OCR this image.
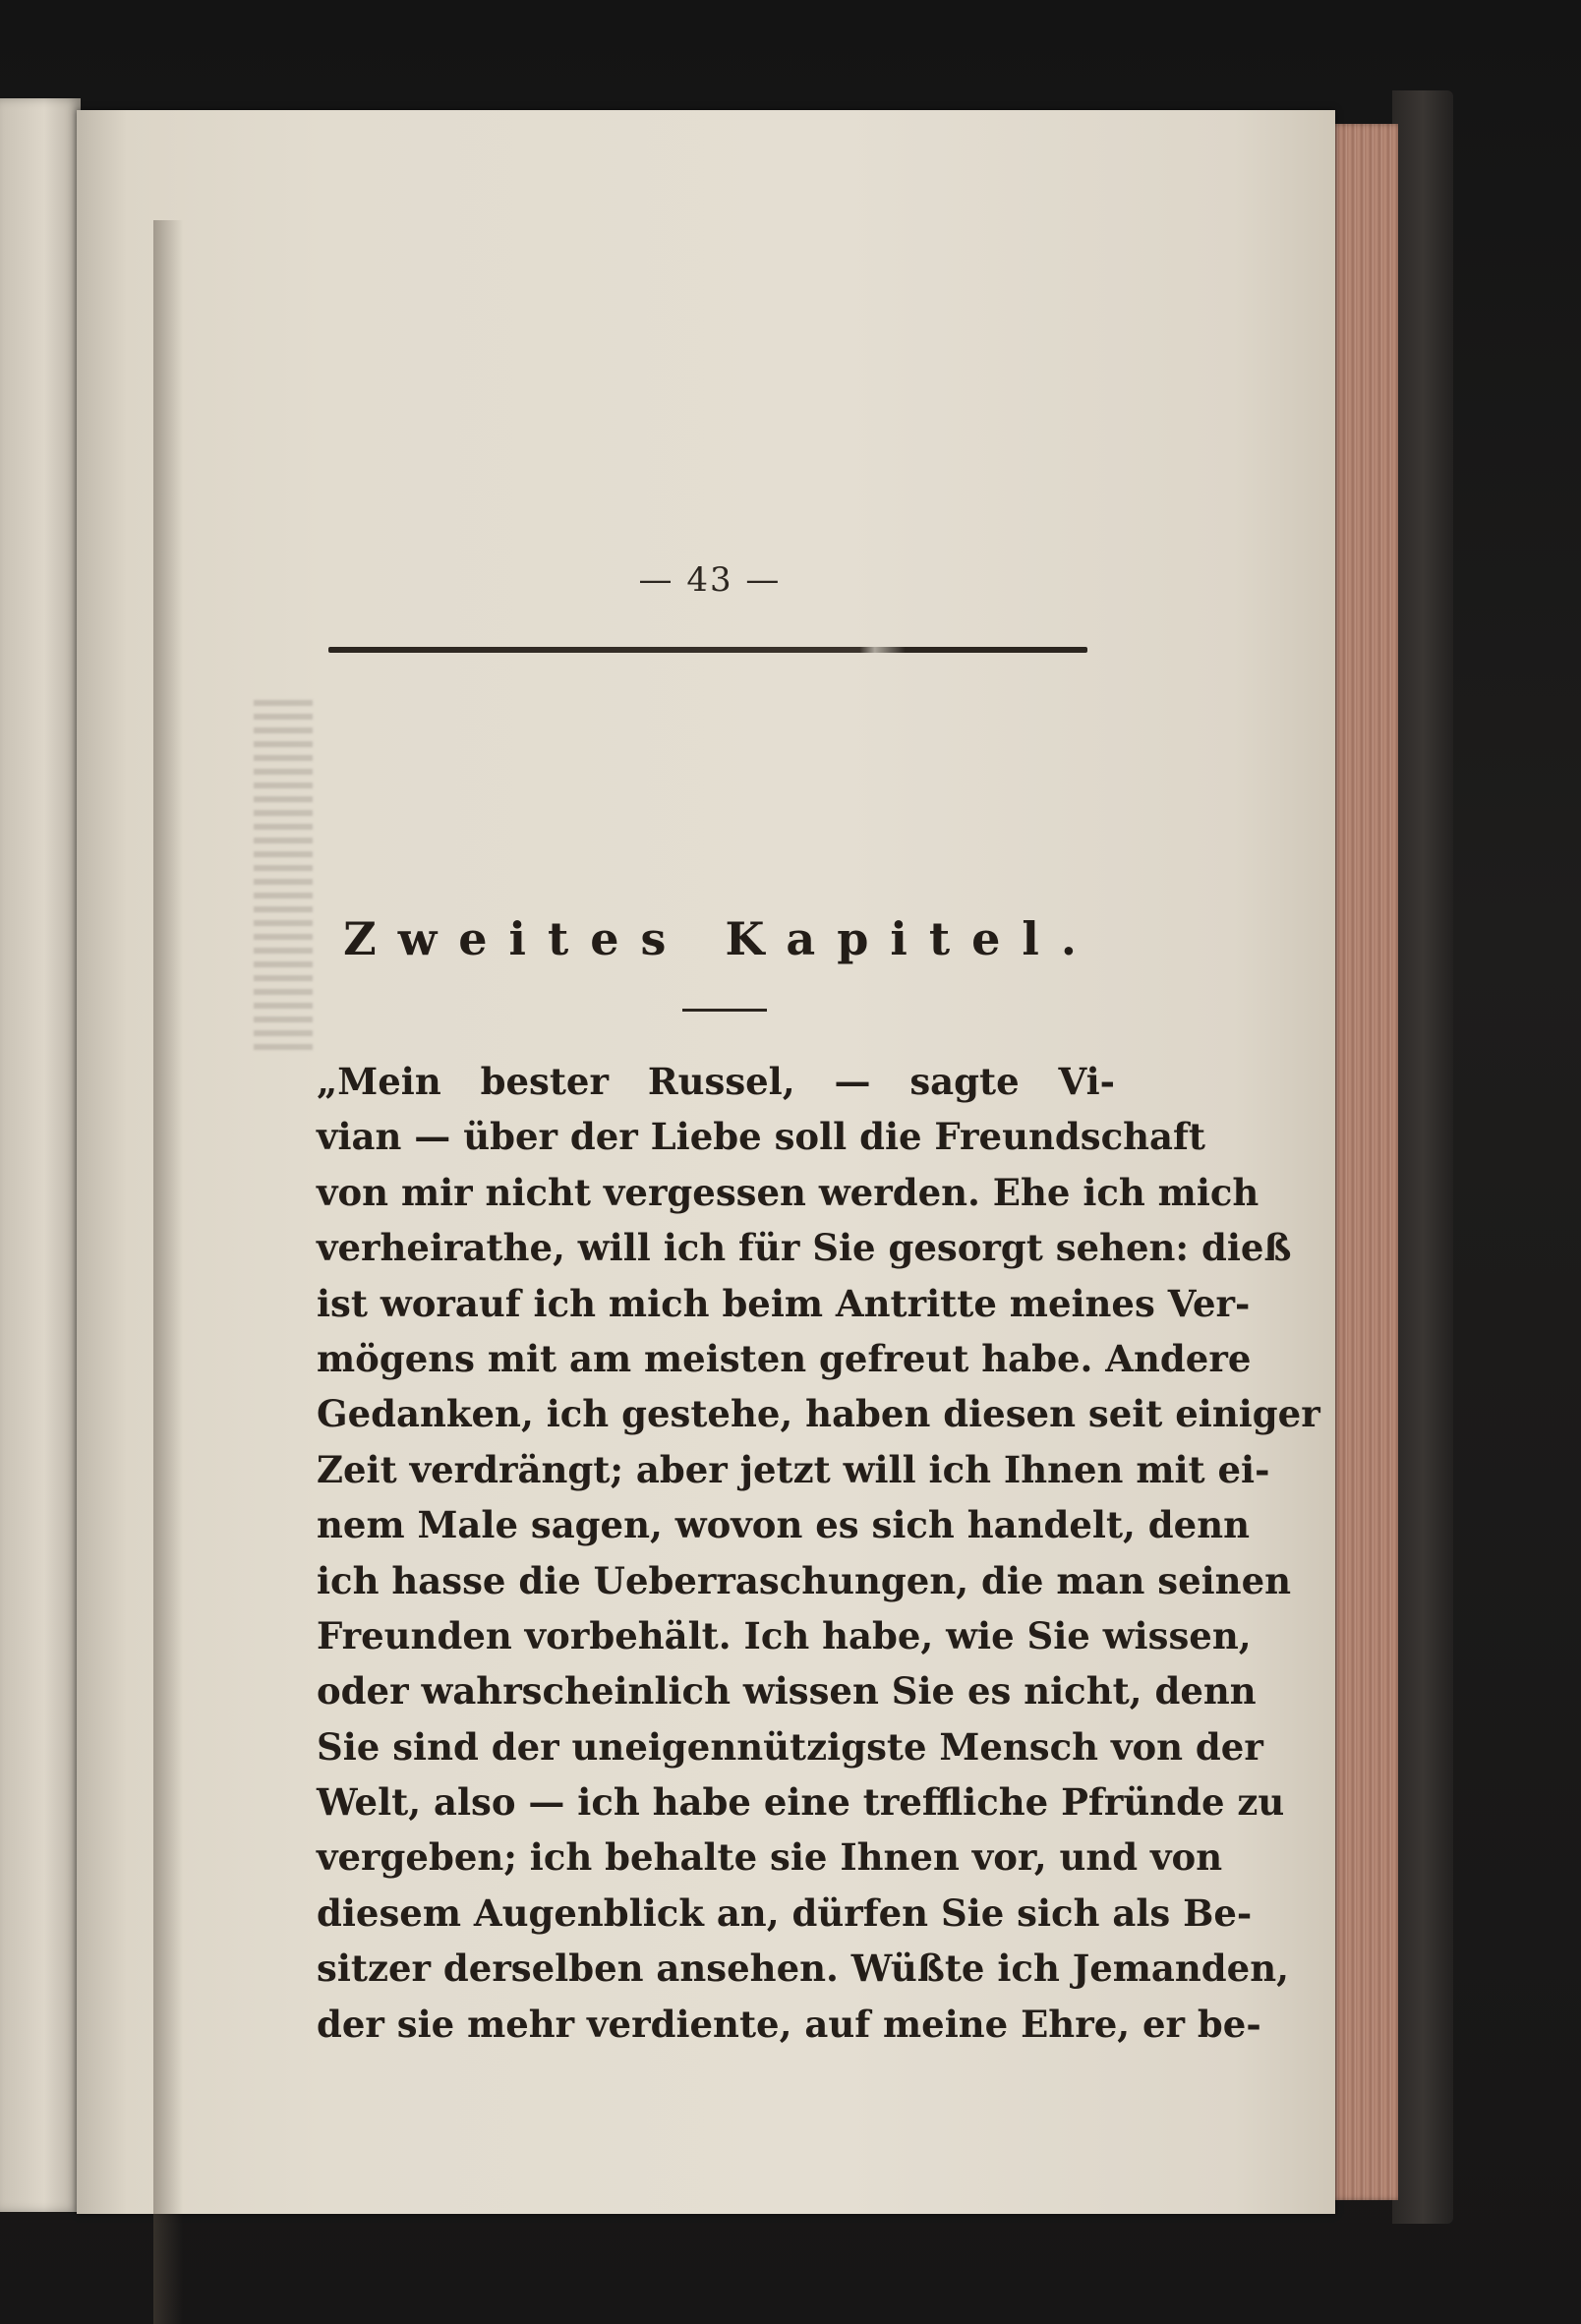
— 43 —
Zweites Kapitel.
„Mein bester Russel, — sagte Vi-
vian — über der Liebe soll die Freundschaft
von mir nicht vergessen werden. Ehe ich mich
verheirathe, will ich für Sie gesorgt sehen: dieß
ist worauf ich mich beim Antritte meines Ver-
mögens mit am meisten gefreut habe. Andere
Gedanken, ich gestehe, haben diesen seit einiger
Zeit verdrängt; aber jetzt will ich Ihnen mit ei-
nem Male sagen, wovon es sich handelt, denn
ich hasse die Ueberraschungen, die man seinen
Freunden vorbehält. Ich habe, wie Sie wissen,
oder wahrscheinlich wissen Sie es nicht, denn
Sie sind der uneigennützigste Mensch von der
Welt, also — ich habe eine treffliche Pfründe zu
vergeben; ich behalte sie Ihnen vor, und von
diesem Augenblick an, dürfen Sie sich als Be-
sitzer derselben ansehen. Wüßte ich Jemanden,
der sie mehr verdiente, auf meine Ehre, er be-
